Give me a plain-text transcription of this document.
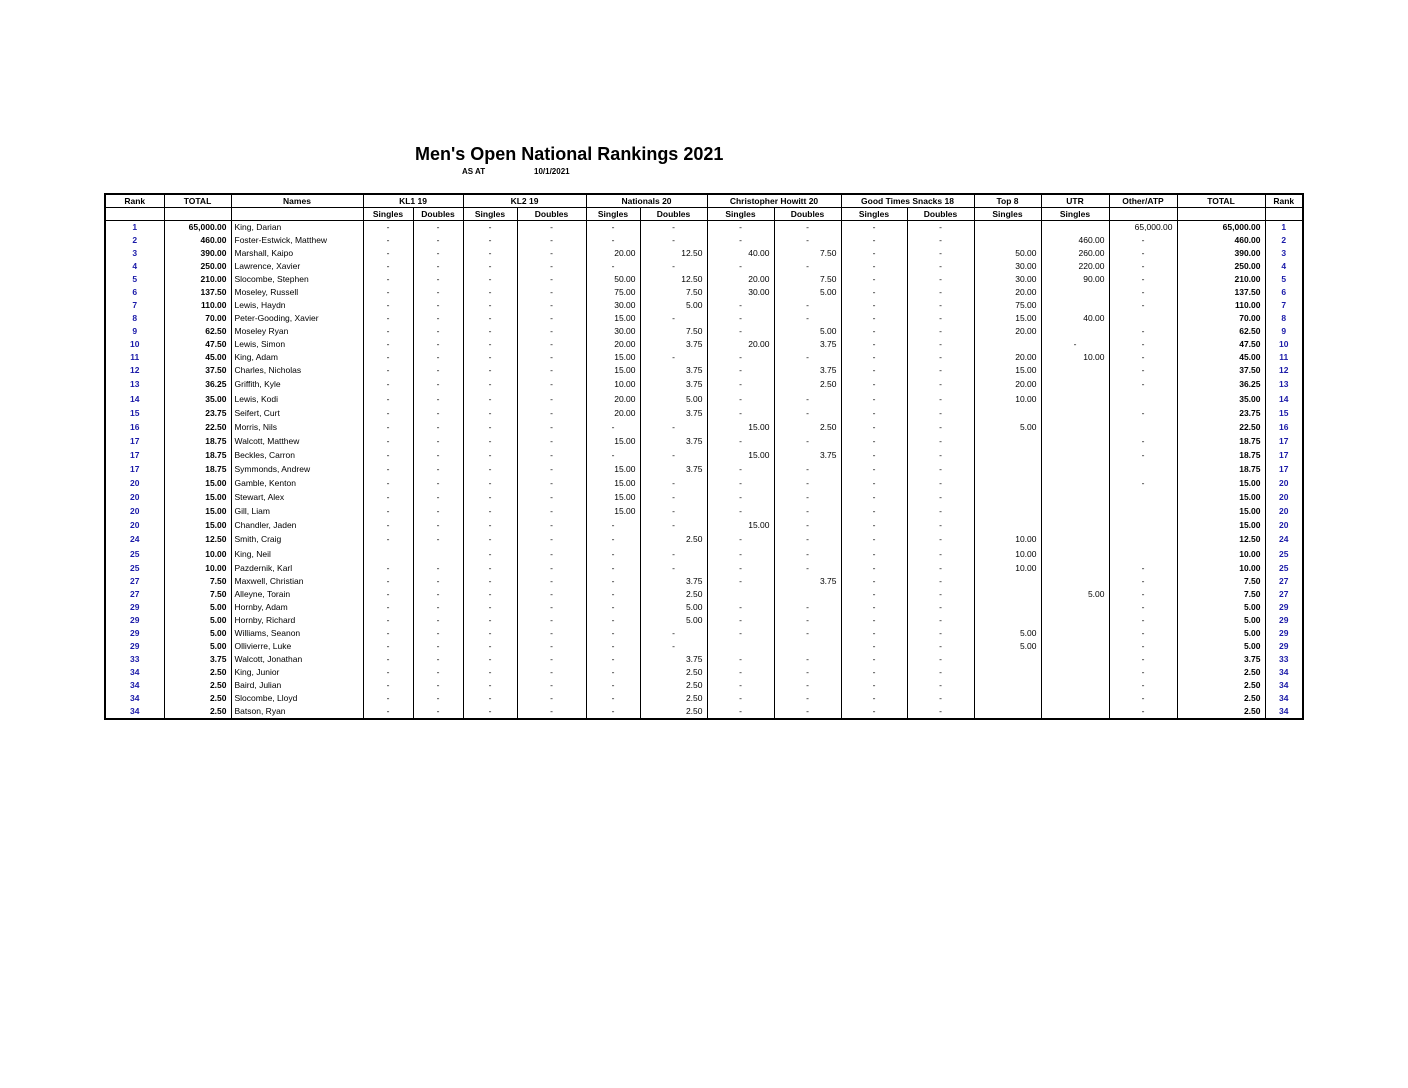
Men's Open National Rankings 2021
AS AT	10/1/2021
Rank	TOTAL	Names	KL1 19		KL2 19		Nationals 20		Christopher Howitt 20		Good Times Snacks 18		Top 8	UTR	Other/ATP	TOTAL	Rank
			Singles	Doubles	Singles	Doubles	Singles	Doubles	Singles	Doubles	Singles	Doubles	Singles	Singles			
1	65,000.00	King, Darian	-	-	-	-	-	-	-	-	-	-			65,000.00	65,000.00	1
2	460.00	Foster-Estwick, Matthew	-	-	-	-	-	-	-	-	-	-		460.00	-	460.00	2
3	390.00	Marshall, Kaipo	-	-	-	-	20.00	12.50	40.00	7.50	-	-	50.00	260.00	-	390.00	3
4	250.00	Lawrence, Xavier	-	-	-	-	-	-	-	-	-	-	30.00	220.00	-	250.00	4
5	210.00	Slocombe, Stephen	-	-	-	-	50.00	12.50	20.00	7.50	-	-	30.00	90.00	-	210.00	5
6	137.50	Moseley, Russell	-	-	-	-	75.00	7.50	30.00	5.00	-	-	20.00		-	137.50	6
7	110.00	Lewis, Haydn	-	-	-	-	30.00	5.00	-	-	-	-	75.00		-	110.00	7
8	70.00	Peter-Gooding, Xavier	-	-	-	-	15.00	-	-	-	-	-	15.00	40.00		70.00	8
9	62.50	Moseley Ryan	-	-	-	-	30.00	7.50	-	5.00	-	-	20.00		-	62.50	9
10	47.50	Lewis, Simon	-	-	-	-	20.00	3.75	20.00	3.75	-	-		-	-	47.50	10
11	45.00	King, Adam	-	-	-	-	15.00	-	-	-	-	-	20.00	10.00	-	45.00	11
12	37.50	Charles, Nicholas	-	-	-	-	15.00	3.75	-	3.75	-	-	15.00		-	37.50	12
13	36.25	Griffith, Kyle	-	-	-	-	10.00	3.75	-	2.50	-	-	20.00		-	36.25	13
14	35.00	Lewis, Kodi	-	-	-	-	20.00	5.00	-	-	-	-	10.00			35.00	14
15	23.75	Seifert, Curt	-	-	-	-	20.00	3.75	-	-	-	-			-	23.75	15
16	22.50	Morris, Nils	-	-	-	-	-	-	15.00	2.50	-	-	5.00			22.50	16
17	18.75	Walcott, Matthew	-	-	-	-	15.00	3.75	-	-	-	-			-	18.75	17
17	18.75	Beckles, Carron	-	-	-	-	-	-	15.00	3.75	-	-			-	18.75	17
17	18.75	Symmonds, Andrew	-	-	-	-	15.00	3.75	-	-	-	-				18.75	17
20	15.00	Gamble, Kenton	-	-	-	-	15.00	-	-	-	-	-			-	15.00	20
20	15.00	Stewart, Alex	-	-	-	-	15.00	-	-	-	-	-				15.00	20
20	15.00	Gill, Liam	-	-	-	-	15.00	-	-	-	-	-				15.00	20
20	15.00	Chandler, Jaden	-	-	-	-	-	-	15.00	-	-	-				15.00	20
24	12.50	Smith, Craig	-	-	-	-	-	2.50	-	-	-	-	10.00			12.50	24
25	10.00	King, Neil			-	-	-	-	-	-	-	-	10.00			10.00	25
25	10.00	Pazdernik, Karl	-	-	-	-	-	-	-	-	-	-	10.00		-	10.00	25
27	7.50	Maxwell, Christian	-	-	-	-	-	3.75	-	3.75	-	-			-	7.50	27
27	7.50	Alleyne, Torain	-	-	-	-	-	2.50			-	-		5.00	-	7.50	27
29	5.00	Hornby, Adam	-	-	-	-	-	5.00	-	-	-	-			-	5.00	29
29	5.00	Hornby, Richard	-	-	-	-	-	5.00	-	-	-	-			-	5.00	29
29	5.00	Williams, Seanon	-	-	-	-	-	-	-	-	-	-	5.00		-	5.00	29
29	5.00	Ollivierre, Luke	-	-	-	-	-	-			-	-	5.00		-	5.00	29
33	3.75	Walcott, Jonathan	-	-	-	-	-	3.75	-	-	-	-			-	3.75	33
34	2.50	King, Junior	-	-	-	-	-	2.50	-	-	-	-			-	2.50	34
34	2.50	Baird, Julian	-	-	-	-	-	2.50	-	-	-	-			-	2.50	34
34	2.50	Slocombe, Lloyd	-	-	-	-	-	2.50	-	-	-	-			-	2.50	34
34	2.50	Batson, Ryan	-	-	-	-	-	2.50	-	-	-	-			-	2.50	34
